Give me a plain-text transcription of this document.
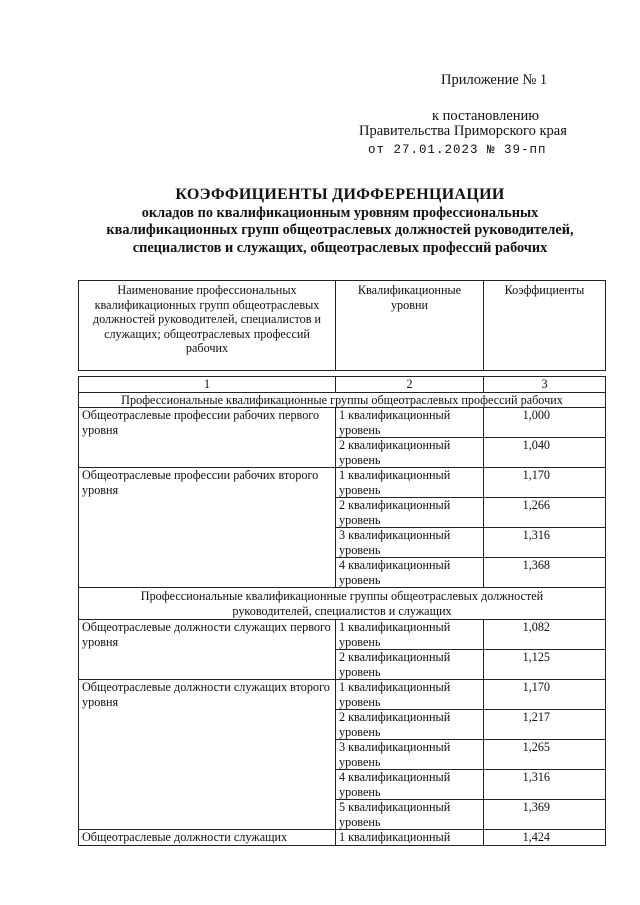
Приложение № 1
к постановлению
Правительства Приморского края
от 27.01.2023 № 39-пп
КОЭФФИЦИЕНТЫ ДИФФЕРЕНЦИАЦИИ
окладов по квалификационным уровням профессиональных
квалификационных групп общеотраслевых должностей руководителей,
специалистов и служащих, общеотраслевых профессий рабочих
Наименование профессиональных квалификационных групп общеотраслевых должностей руководителей, специалистов и служащих; общеотраслевых профессий рабочих	Квалификационные уровни	Коэффициенты
1	2	3
Профессиональные квалификационные группы общеотраслевых профессий рабочих		
Общеотраслевые профессии рабочих первого уровня	1 квалификационный уровень	1,000
	2 квалификационный уровень	1,040
Общеотраслевые профессии рабочих второго уровня	1 квалификационный уровень	1,170
	2 квалификационный уровень	1,266
	3 квалификационный уровень	1,316
	4 квалификационный уровень	1,368
Профессиональные квалификационные группы общеотраслевых должностей руководителей, специалистов и служащих		
Общеотраслевые должности служащих первого уровня	1 квалификационный уровень	1,082
	2 квалификационный уровень	1,125
Общеотраслевые должности служащих второго уровня	1 квалификационный уровень	1,170
	2 квалификационный уровень	1,217
	3 квалификационный уровень	1,265
	4 квалификационный уровень	1,316
	5 квалификационный уровень	1,369
Общеотраслевые должности служащих	1 квалификационный	1,424
